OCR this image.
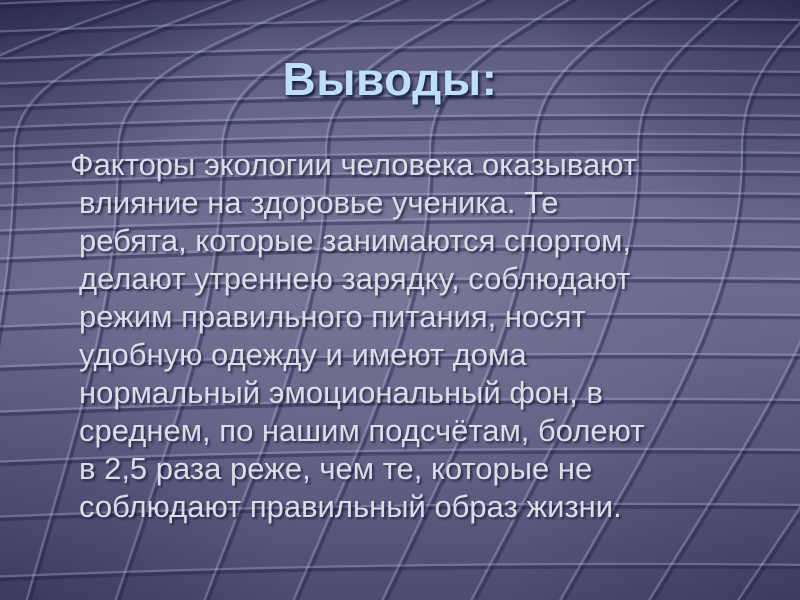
Выводы:
Факторы экологии человека оказывают
влияние на здоровье ученика. Те
ребята, которые занимаются спортом,
делают утреннею зарядку, соблюдают
режим правильного питания, носят
удобную одежду и имеют дома
нормальный эмоциональный фон, в
среднем, по нашим подсчётам, болеют
в 2,5 раза реже, чем те, которые не
соблюдают правильный образ жизни.
